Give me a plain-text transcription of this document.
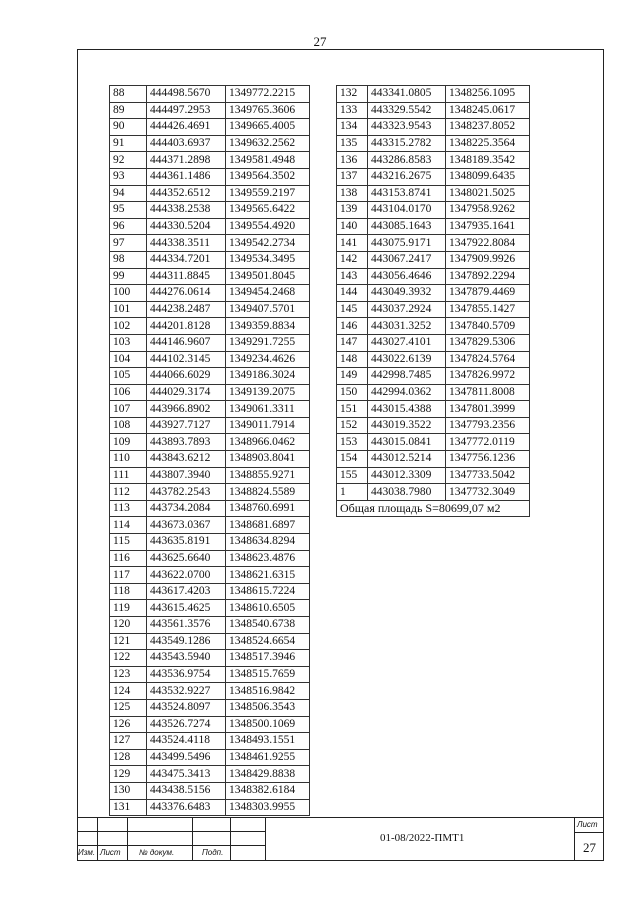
27
88	444498.5670	1349772.2215
89	444497.2953	1349765.3606
90	444426.4691	1349665.4005
91	444403.6937	1349632.2562
92	444371.2898	1349581.4948
93	444361.1486	1349564.3502
94	444352.6512	1349559.2197
95	444338.2538	1349565.6422
96	444330.5204	1349554.4920
97	444338.3511	1349542.2734
98	444334.7201	1349534.3495
99	444311.8845	1349501.8045
100	444276.0614	1349454.2468
101	444238.2487	1349407.5701
102	444201.8128	1349359.8834
103	444146.9607	1349291.7255
104	444102.3145	1349234.4626
105	444066.6029	1349186.3024
106	444029.3174	1349139.2075
107	443966.8902	1349061.3311
108	443927.7127	1349011.7914
109	443893.7893	1348966.0462
110	443843.6212	1348903.8041
111	443807.3940	1348855.9271
112	443782.2543	1348824.5589
113	443734.2084	1348760.6991
114	443673.0367	1348681.6897
115	443635.8191	1348634.8294
116	443625.6640	1348623.4876
117	443622.0700	1348621.6315
118	443617.4203	1348615.7224
119	443615.4625	1348610.6505
120	443561.3576	1348540.6738
121	443549.1286	1348524.6654
122	443543.5940	1348517.3946
123	443536.9754	1348515.7659
124	443532.9227	1348516.9842
125	443524.8097	1348506.3543
126	443526.7274	1348500.1069
127	443524.4118	1348493.1551
128	443499.5496	1348461.9255
129	443475.3413	1348429.8838
130	443438.5156	1348382.6184
131	443376.6483	1348303.9955
132	443341.0805	1348256.1095
133	443329.5542	1348245.0617
134	443323.9543	1348237.8052
135	443315.2782	1348225.3564
136	443286.8583	1348189.3542
137	443216.2675	1348099.6435
138	443153.8741	1348021.5025
139	443104.0170	1347958.9262
140	443085.1643	1347935.1641
141	443075.9171	1347922.8084
142	443067.2417	1347909.9926
143	443056.4646	1347892.2294
144	443049.3932	1347879.4469
145	443037.2924	1347855.1427
146	443031.3252	1347840.5709
147	443027.4101	1347829.5306
148	443022.6139	1347824.5764
149	442998.7485	1347826.9972
150	442994.0362	1347811.8008
151	443015.4388	1347801.3999
152	443019.3522	1347793.2356
153	443015.0841	1347772.0119
154	443012.5214	1347756.1236
155	443012.3309	1347733.5042
1	443038.7980	1347732.3049
Общая площадь S=80699,07 м2		
Изм. Лист № докум.	Подп.
01-08/2022-ПМТ1
Лист
27
